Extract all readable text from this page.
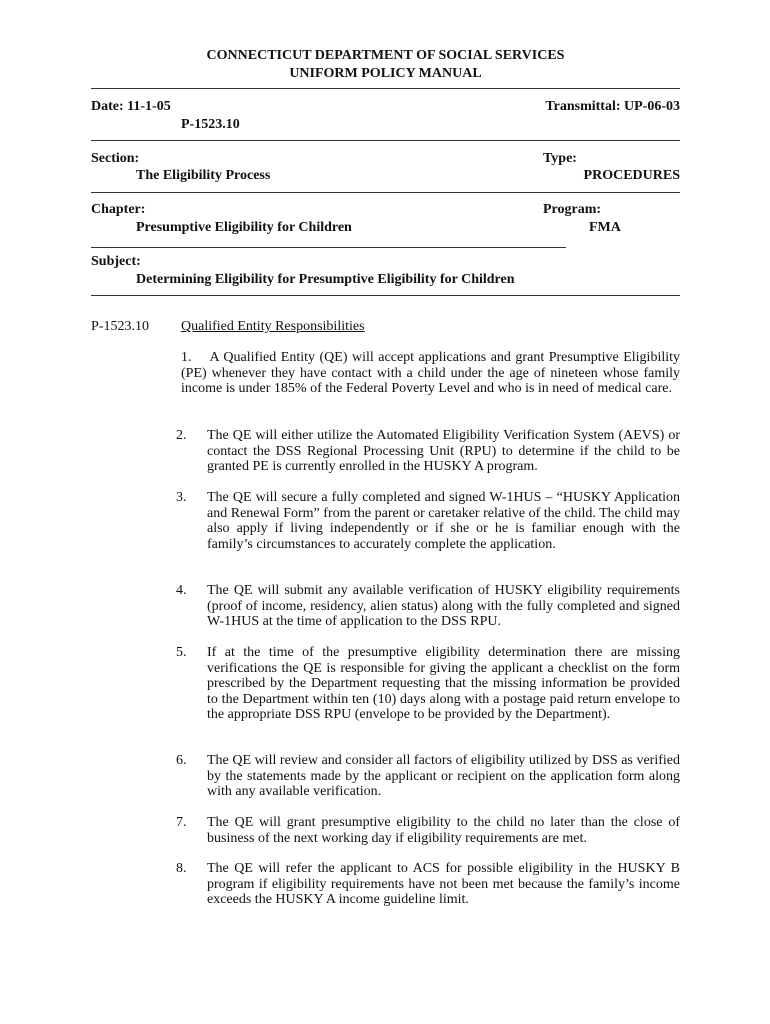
CONNECTICUT DEPARTMENT OF SOCIAL SERVICES
UNIFORM POLICY MANUAL
Date: 11-1-05	Transmittal: UP-06-03
P-1523.10
Section:	Type:
The Eligibility Process	PROCEDURES
Chapter:	Program:
Presumptive Eligibility for Children	FMA
Subject:
Determining Eligibility for Presumptive Eligibility for Children
P-1523.10 Qualified Entity Responsibilities
1. A Qualified Entity (QE) will accept applications and grant Presumptive Eligibility (PE) whenever they have contact with a child under the age of nineteen whose family income is under 185% of the Federal Poverty Level and who is in need of medical care.
2. The QE will either utilize the Automated Eligibility Verification System (AEVS) or contact the DSS Regional Processing Unit (RPU) to determine if the child to be granted PE is currently enrolled in the HUSKY A program.
3. The QE will secure a fully completed and signed W-1HUS – “HUSKY Application and Renewal Form” from the parent or caretaker relative of the child. The child may also apply if living independently or if she or he is familiar enough with the family’s circumstances to accurately complete the application.
4. The QE will submit any available verification of HUSKY eligibility requirements (proof of income, residency, alien status) along with the fully completed and signed W-1HUS at the time of application to the DSS RPU.
5. If at the time of the presumptive eligibility determination there are missing verifications the QE is responsible for giving the applicant a checklist on the form prescribed by the Department requesting that the missing information be provided to the Department within ten (10) days along with a postage paid return envelope to the appropriate DSS RPU (envelope to be provided by the Department).
6. The QE will review and consider all factors of eligibility utilized by DSS as verified by the statements made by the applicant or recipient on the application form along with any available verification.
7. The QE will grant presumptive eligibility to the child no later than the close of business of the next working day if eligibility requirements are met.
8. The QE will refer the applicant to ACS for possible eligibility in the HUSKY B program if eligibility requirements have not been met because the family’s income exceeds the HUSKY A income guideline limit.
